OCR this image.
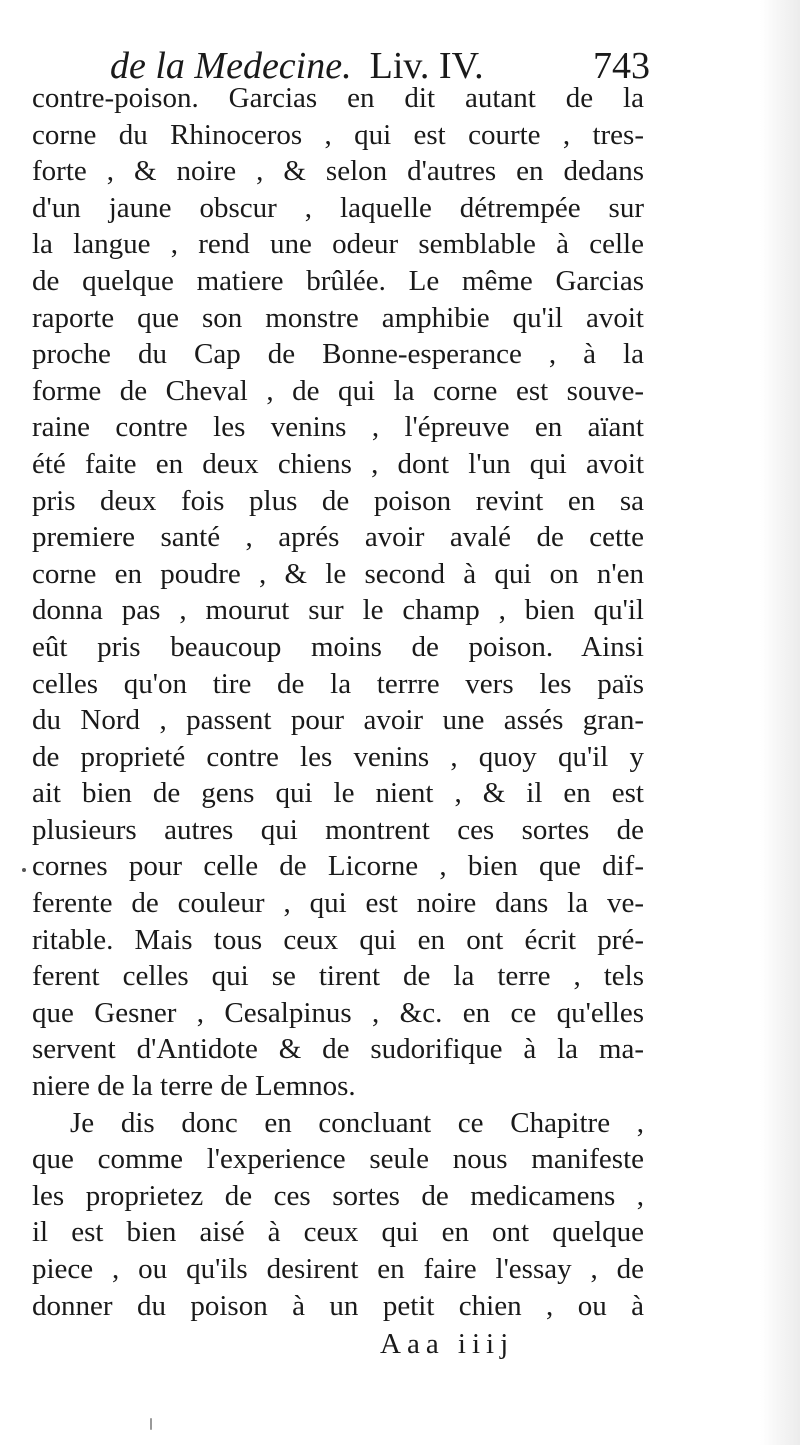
de la Medecine. Liv. IV.	743
contre-poison. Garcias en dit autant de la
corne du Rhinoceros , qui est courte , tres-
forte , & noire , & selon d'autres en dedans
d'un jaune obscur , laquelle détrempée sur
la langue , rend une odeur semblable à celle
de quelque matiere brûlée. Le même Garcias
raporte que son monstre amphibie qu'il avoit
proche du Cap de Bonne-esperance , à la
forme de Cheval , de qui la corne est souve-
raine contre les venins , l'épreuve en aïant
été faite en deux chiens , dont l'un qui avoit
pris deux fois plus de poison revint en sa
premiere santé , aprés avoir avalé de cette
corne en poudre , & le second à qui on n'en
donna pas , mourut sur le champ , bien qu'il
eût pris beaucoup moins de poison. Ainsi
celles qu'on tire de la terrre vers les païs
du Nord , passent pour avoir une assés gran-
de proprieté contre les venins , quoy qu'il y
ait bien de gens qui le nient , & il en est
plusieurs autres qui montrent ces sortes de
cornes pour celle de Licorne , bien que dif-
ferente de couleur , qui est noire dans la ve-
ritable. Mais tous ceux qui en ont écrit pré-
ferent celles qui se tirent de la terre , tels
que Gesner , Cesalpinus , &c. en ce qu'elles
servent d'Antidote & de sudorifique à la ma-
niere de la terre de Lemnos.
Je dis donc en concluant ce Chapitre ,
que comme l'experience seule nous manifeste
les proprietez de ces sortes de medicamens ,
il est bien aisé à ceux qui en ont quelque
piece , ou qu'ils desirent en faire l'essay , de
donner du poison à un petit chien , ou à
Aaa iiij
